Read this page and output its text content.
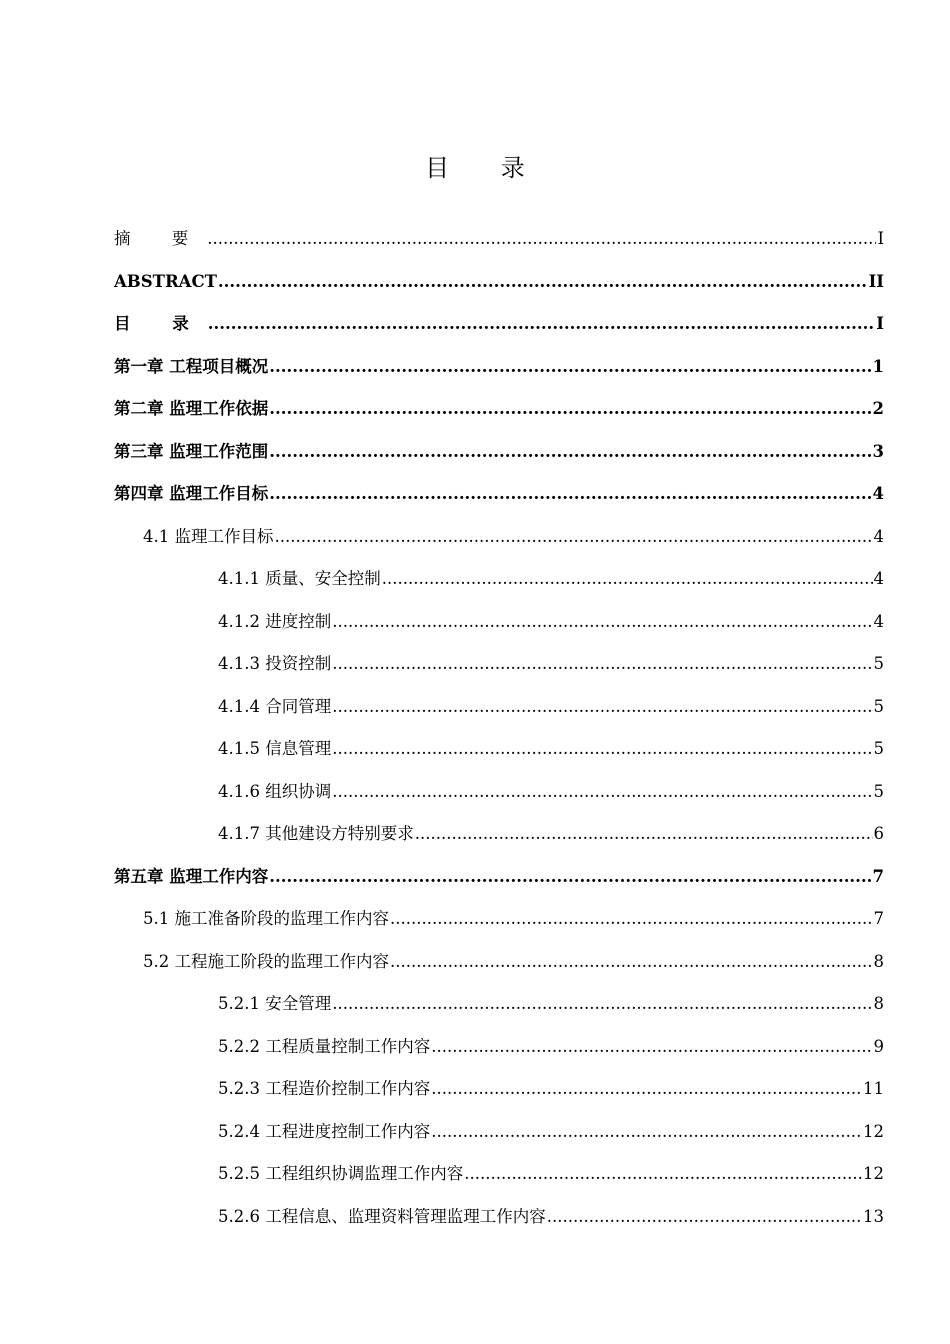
目 录
摘 要 .....	I
ABSTRACT .....	II
目 录 .....	I
第一章 工程项目概况 .....	1
第二章 监理工作依据 .....	2
第三章 监理工作范围 .....	3
第四章 监理工作目标 .....	4
4.1 监理工作目标 .....	4
4.1.1 质量、安全控制 .....	4
4.1.2 进度控制 .....	4
4.1.3 投资控制 .....	5
4.1.4 合同管理 .....	5
4.1.5 信息管理 .....	5
4.1.6 组织协调 .....	5
4.1.7 其他建设方特别要求 .....	6
第五章 监理工作内容 .....	7
5.1 施工准备阶段的监理工作内容 .....	7
5.2 工程施工阶段的监理工作内容 .....	8
5.2.1 安全管理 .....	8
5.2.2 工程质量控制工作内容 .....	9
5.2.3 工程造价控制工作内容 .....	11
5.2.4 工程进度控制工作内容 .....	12
5.2.5 工程组织协调监理工作内容 .....	12
5.2.6 工程信息、监理资料管理监理工作内容 .....	13
